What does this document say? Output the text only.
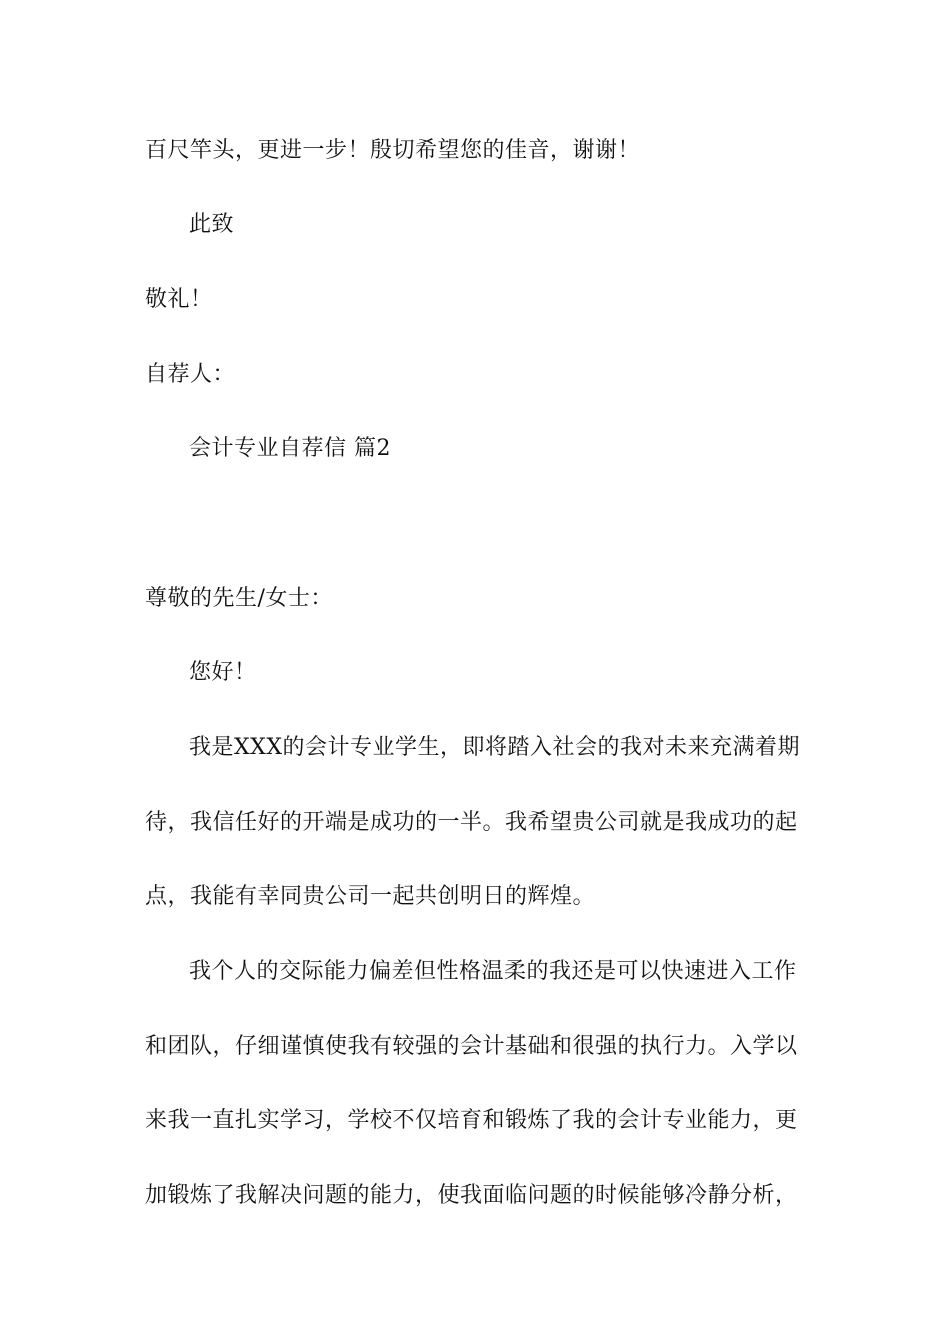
百尺竿头，更进一步！殷切希望您的佳音，谢谢！
此致
敬礼！
自荐人：
会计专业自荐信 篇2
尊敬的先生/女士：
您好！
我是XXX的会计专业学生，即将踏入社会的我对未来充满着期
待，我信任好的开端是成功的一半。我希望贵公司就是我成功的起
点，我能有幸同贵公司一起共创明日的辉煌。
我个人的交际能力偏差但性格温柔的我还是可以快速进入工作
和团队，仔细谨慎使我有较强的会计基础和很强的执行力。入学以
来我一直扎实学习，学校不仅培育和锻炼了我的会计专业能力，更
加锻炼了我解决问题的能力，使我面临问题的时候能够冷静分析，
